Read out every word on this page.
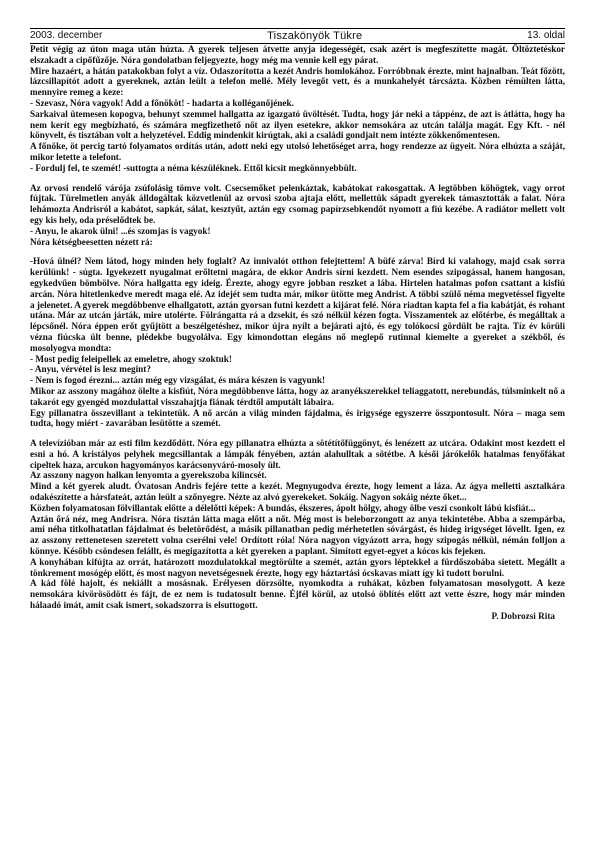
2003. december	Tiszakönyök Tükre	13. oldal

Petit végig az úton maga után húzta. A gyerek teljesen átvette anyja idegességét, csak azért is megfeszítette magát. Öltöztetéskor elszakadt a cipőfűzője. Nóra gondolatban feljegyezte, hogy még ma vennie kell egy párat.

Mire hazaért, a hátán patakokban folyt a víz. Odaszorította a kezét Andris homlokához. Forróbbnak érezte, mint hajnalban. Teát főzött, lázcsillapítót adott a gyereknek, aztán leült a telefon mellé. Mély levegőt vett, és a munkahelyét tárcsázta. Közben rémülten látta, mennyire remeg a keze:

- Szevasz, Nóra vagyok! Add a főnököt! - hadarta a kolléganőjének.

Sarkaival ütemesen kopogva, behunyt szemmel hallgatta az igazgató üvöltését. Tudta, hogy jár neki a táppénz, de azt is átlátta, hogy ha nem kerít egy megbízható, és számára megfizethető nőt az ilyen esetekre, akkor nemsokára az utcán találja magát. Egy Kft. - nél könyvelt, és tisztában volt a helyzetével. Eddig mindenkit kirúgtak, aki a családi gondjait nem intézte zökkenőmentesen.

A főnöke, öt percig tartó folyamatos ordítás után, adott neki egy utolsó lehetőséget arra, hogy rendezze az ügyeit. Nóra elhúzta a száját, mikor letette a telefont.

- Fordulj fel, te szemét! -suttogta a néma készüléknek. Ettől kicsit megkönnyebbült.

Az orvosi rendelő várója zsúfolásig tömve volt. Csecsemőket pelenkáztak, kabátokat rakosgattak. A legtöbben köhögtek, vagy orrot fújtak. Türelmetlen anyák álldogáltak közvetlenül az orvosi szoba ajtaja előtt, mellettük sápadt gyerekek támasztották a falat. Nóra lehámozta Andrisról a kabátot, sapkát, sálat, kesztyűt, aztán egy csomag papírzsebkendőt nyomott a fiú kezébe. A radiátor mellett volt egy kis hely, oda préselődtek be.

- Anyu, le akarok ülni! ...és szomjas is vagyok!

Nóra kétségbeesetten nézett rá:

-Hová ülnél? Nem látod, hogy minden hely foglalt? Az innivalót otthon felejtettem! A büfé zárva! Bírd ki valahogy, majd csak sorra kerülünk! - súgta. Igyekezett nyugalmat erőltetni magára, de ekkor Andris sírni kezdett. Nem esendes szipogással, hanem hangosan, egykedvűen bömbölve. Nóra hallgatta egy ideig. Érezte, ahogy egyre jobban reszket a lába. Hirtelen hatalmas pofon csattant a kisfiú arcán. Nóra hitetlenkedve meredt maga elé. Az idejét sem tudta már, mikor ütötte meg Andrist. A többi szülő néma megvetéssel figyelte a jelenetet. A gyerek megdöbbenve elhallgatott, aztán gyorsan futni kezdett a kijárat felé. Nóra riadtan kapta fel a fia kabátját, és rohant utána. Már az utcán járták, mire utolérte. Fölrángatta rá a dzsekit, és szó nélkül kézen fogta. Visszamentek az előtérbe, és megálltak a lépcsőnél. Nóra éppen erőt gyűjtött a beszélgetéshez, mikor újra nyílt a bejárati ajtó, és egy tolókocsi gördült be rajta. Tíz év körüli vézna fiúcska ült benne, plédekbe bugyolálva. Egy kimondottan elegáns nő meglepő rutinnal kiemelte a gyereket a székből, és mosolyogva mondta:

- Most pedig feleipellek az emeletre, ahogy szoktuk!

- Anyu, vérvétel is lesz megint?

- Nem is fogod érezni... aztán még egy vizsgálat, és mára készen is vagyunk!

Mikor az asszony magához ölelte a kisfiút, Nóra megdöbbenve látta, hogy az aranyékszerekkel teliaggatott, nerebundás, túlsminkelt nő a takarót egy gyengéd mozdulattal visszahajtja fiának térdtől amputált lábaira.

Egy pillanatra összevillant a tekintetük. A nő arcán a világ minden fájdalma, és irigysége egyszerre összpontosult. Nóra – maga sem tudta, hogy miért - zavarában lesütötte a szemét.

A televízióban már az esti film kezdődött. Nóra egy pillanatra elhúzta a sötétítőfüggönyt, és lenézett az utcára. Odakint most kezdett el esni a hó. A kristályos pelyhek megcsillantak a lámpák fényében, aztán alahulltak a sötétbe. A késői járókelők hatalmas fenyőfákat cipeltek haza, arcukon hagyományos karácsonyváró-mosoly ült.

Az asszony nagyon halkan lenyomta a gyerekszoba kilincsét.

Mind a két gyerek aludt. Óvatosan Andris fejére tette a kezét. Megnyugodva érezte, hogy lement a láza. Az ágya melletti asztalkára odakészítette a hársfateát, aztán leült a szőnyegre. Nézte az alvó gyerekeket. Sokáig. Nagyon sokáig nézte őket...

Közben folyamatosan fölvillantak előtte a délelőtti képek: A bundás, ékszeres, ápolt hölgy, ahogy ölbe veszi csonkolt lábú kisfiát...

Aztán őrá néz, meg Andrisra. Nóra tisztán látta maga előtt a nőt. Még most is beleborzongott az anya tekintetébe. Abba a szempárba, ami néha titkolhatatlan fájdalmat és beletörődést, a másik pillanatban pedig mérhetetlen sóvárgást, és hideg irigységet lövellt. Igen, ez az asszony rettenetesen szeretett volna cserélni vele! Ordított róla! Nóra nagyon vigyázott arra, hogy szipogás nélkül, némán folljon a könnye. Később csöndesen felállt, és megigazította a két gyereken a paplant. Simított egyet-egyet a kócos kis fejeken.

A konyhában kifújta az orrát, határozott mozdulatokkal megtörülte a szemét, aztán gyors léptekkel a fürdőszobába sietett. Megállt a tönkrement mosógép előtt, és most nagyon nevetségesnek érezte, hogy egy háztartási ócskavas miatt így ki tudott borulni.

A kád fölé hajolt, és nekiállt a mosásnak. Erélyesen dörzsölte, nyomkodta a ruhákat, közben folyamatosan mosolygott. A keze nemsokára kivörösödött és fájt, de ez nem is tudatosult benne. Éjfél körül, az utolsó öblítés előtt azt vette észre, hogy már minden hálaadó imát, amit csak ismert, sokadszorra is elsuttogott.

P. Dobrozsi Rita
